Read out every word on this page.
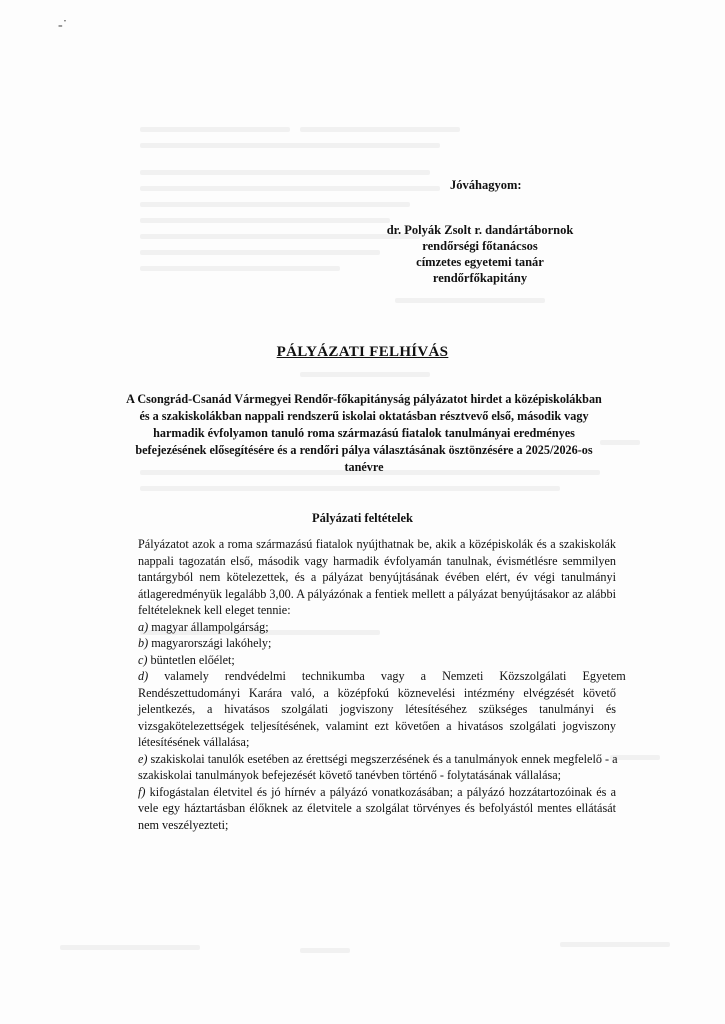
-˙
Jóváhagyom:
dr. Polyák Zsolt r. dandártábornok
rendőrségi főtanácsos
címzetes egyetemi tanár
rendőrfőkapitány
PÁLYÁZATI FELHÍVÁS
A Csongrád-Csanád Vármegyei Rendőr-főkapitányság pályázatot hirdet a középiskolákban
és a szakiskolákban nappali rendszerű iskolai oktatásban résztvevő első, második vagy
harmadik évfolyamon tanuló roma származású fiatalok tanulmányai eredményes
befejezésének elősegítésére és a rendőri pálya választásának ösztönzésére a 2025/2026-os
tanévre
Pályázati feltételek
Pályázatot azok a roma származású fiatalok nyújthatnak be, akik a középiskolák és a szakiskolák
nappali tagozatán első, második vagy harmadik évfolyamán tanulnak, évismétlésre semmilyen
tantárgyból nem kötelezettek, és a pályázat benyújtásának évében elért, év végi tanulmányi
átlageredményük legalább 3,00. A pályázónak a fentiek mellett a pályázat benyújtásakor az alábbi
feltételeknek kell eleget tennie:
a) magyar állampolgárság;
b) magyarországi lakóhely;
c) büntetlen előélet;
d) valamely rendvédelmi technikumba vagy a Nemzeti Közszolgálati Egyetem
Rendészettudományi Karára való, a középfokú köznevelési intézmény elvégzését követő
jelentkezés, a hivatásos szolgálati jogviszony létesítéséhez szükséges tanulmányi és
vizsgakötelezettségek teljesítésének, valamint ezt követően a hivatásos szolgálati jogviszony
létesítésének vállalása;
e) szakiskolai tanulók esetében az érettségi megszerzésének és a tanulmányok ennek megfelelő - a
szakiskolai tanulmányok befejezését követő tanévben történő - folytatásának vállalása;
f) kifogástalan életvitel és jó hírnév a pályázó vonatkozásában; a pályázó hozzátartozóinak és a
vele egy háztartásban élőknek az életvitele a szolgálat törvényes és befolyástól mentes ellátását
nem veszélyezteti;
